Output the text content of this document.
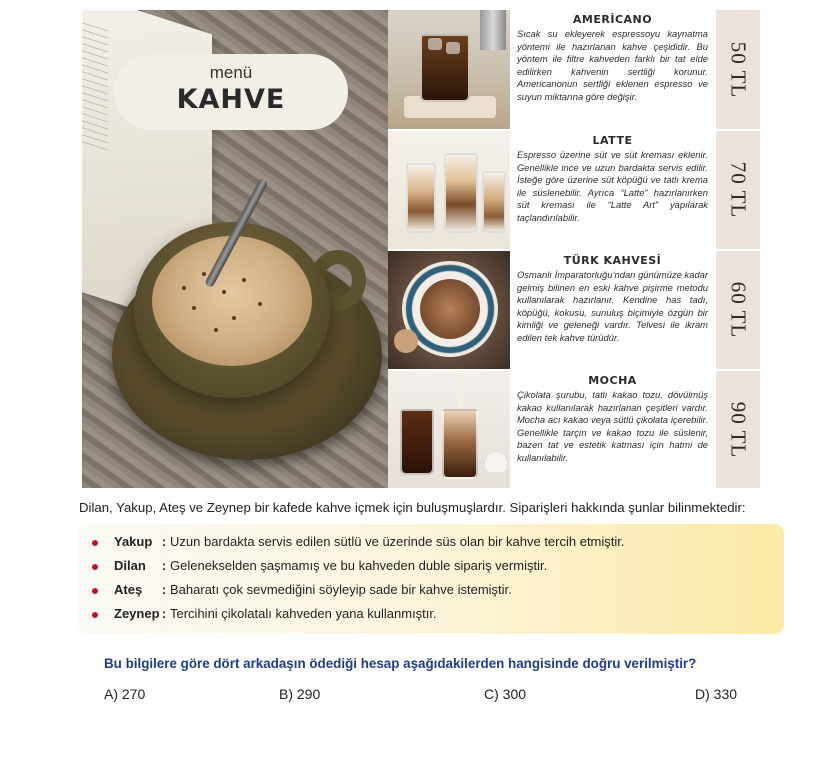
menü
KAHVE
AMERİCANO
Sıcak su ekleyerek espressoyu kaynatma yöntemi ile hazırlanan kahve çeşididir. Bu yöntem ile filtre kahveden farklı bir tat elde edilirken kahvenin sertliği korunur. Americanonun sertliği eklenen espresso ve suyun miktarına göre değişir.	50 TL
LATTE
Espresso üzerine süt ve süt kreması eklenir. Genellikle ince ve uzun bardakta servis edilir. İsteğe göre üzerine süt köpüğü ve tatlı krema ile süslenebilir. Ayrıca “Latte” hazırlanırken süt kreması ile “Latte Art” yapılarak taçlandırılabilir.	70 TL
TÜRK KAHVESİ
Osmanlı İmparatorluğu’ndan günümüze kadar gelmiş bilinen en eski kahve pişirme metodu kullanılarak hazırlanır. Kendine has tadı, köpüğü, kokusu, sunuluş biçimiyle özgün bir kimliği ve geleneği vardır. Telvesi ile ikram edilen tek kahve türüdür.	60 TL
MOCHA
Çikolata şurubu, tatlı kakao tozu, dövülmüş kakao kullanılarak hazırlanan çeşitleri vardır. Mocha acı kakao veya sütlü çikolata içerebilir. Genellikle tarçın ve kakao tozu ile süslenir, bazen tat ve estetik katması için hatmi de kullanılabilir.	90 TL
Dilan, Yakup, Ateş ve Zeynep bir kafede kahve içmek için buluşmuşlardır. Siparişleri hakkında şunlar bilinmektedir:
Yakup : Uzun bardakta servis edilen sütlü ve üzerinde süs olan bir kahve tercih etmiştir.
Dilan : Gelenekselden şaşmamış ve bu kahveden duble sipariş vermiştir.
Ateş : Baharatı çok sevmediğini söyleyip sade bir kahve istemiştir.
Zeynep : Tercihini çikolatalı kahveden yana kullanmıştır.
Bu bilgilere göre dört arkadaşın ödediği hesap aşağıdakilerden hangisinde doğru verilmiştir?
A) 270	B) 290	C) 300	D) 330
